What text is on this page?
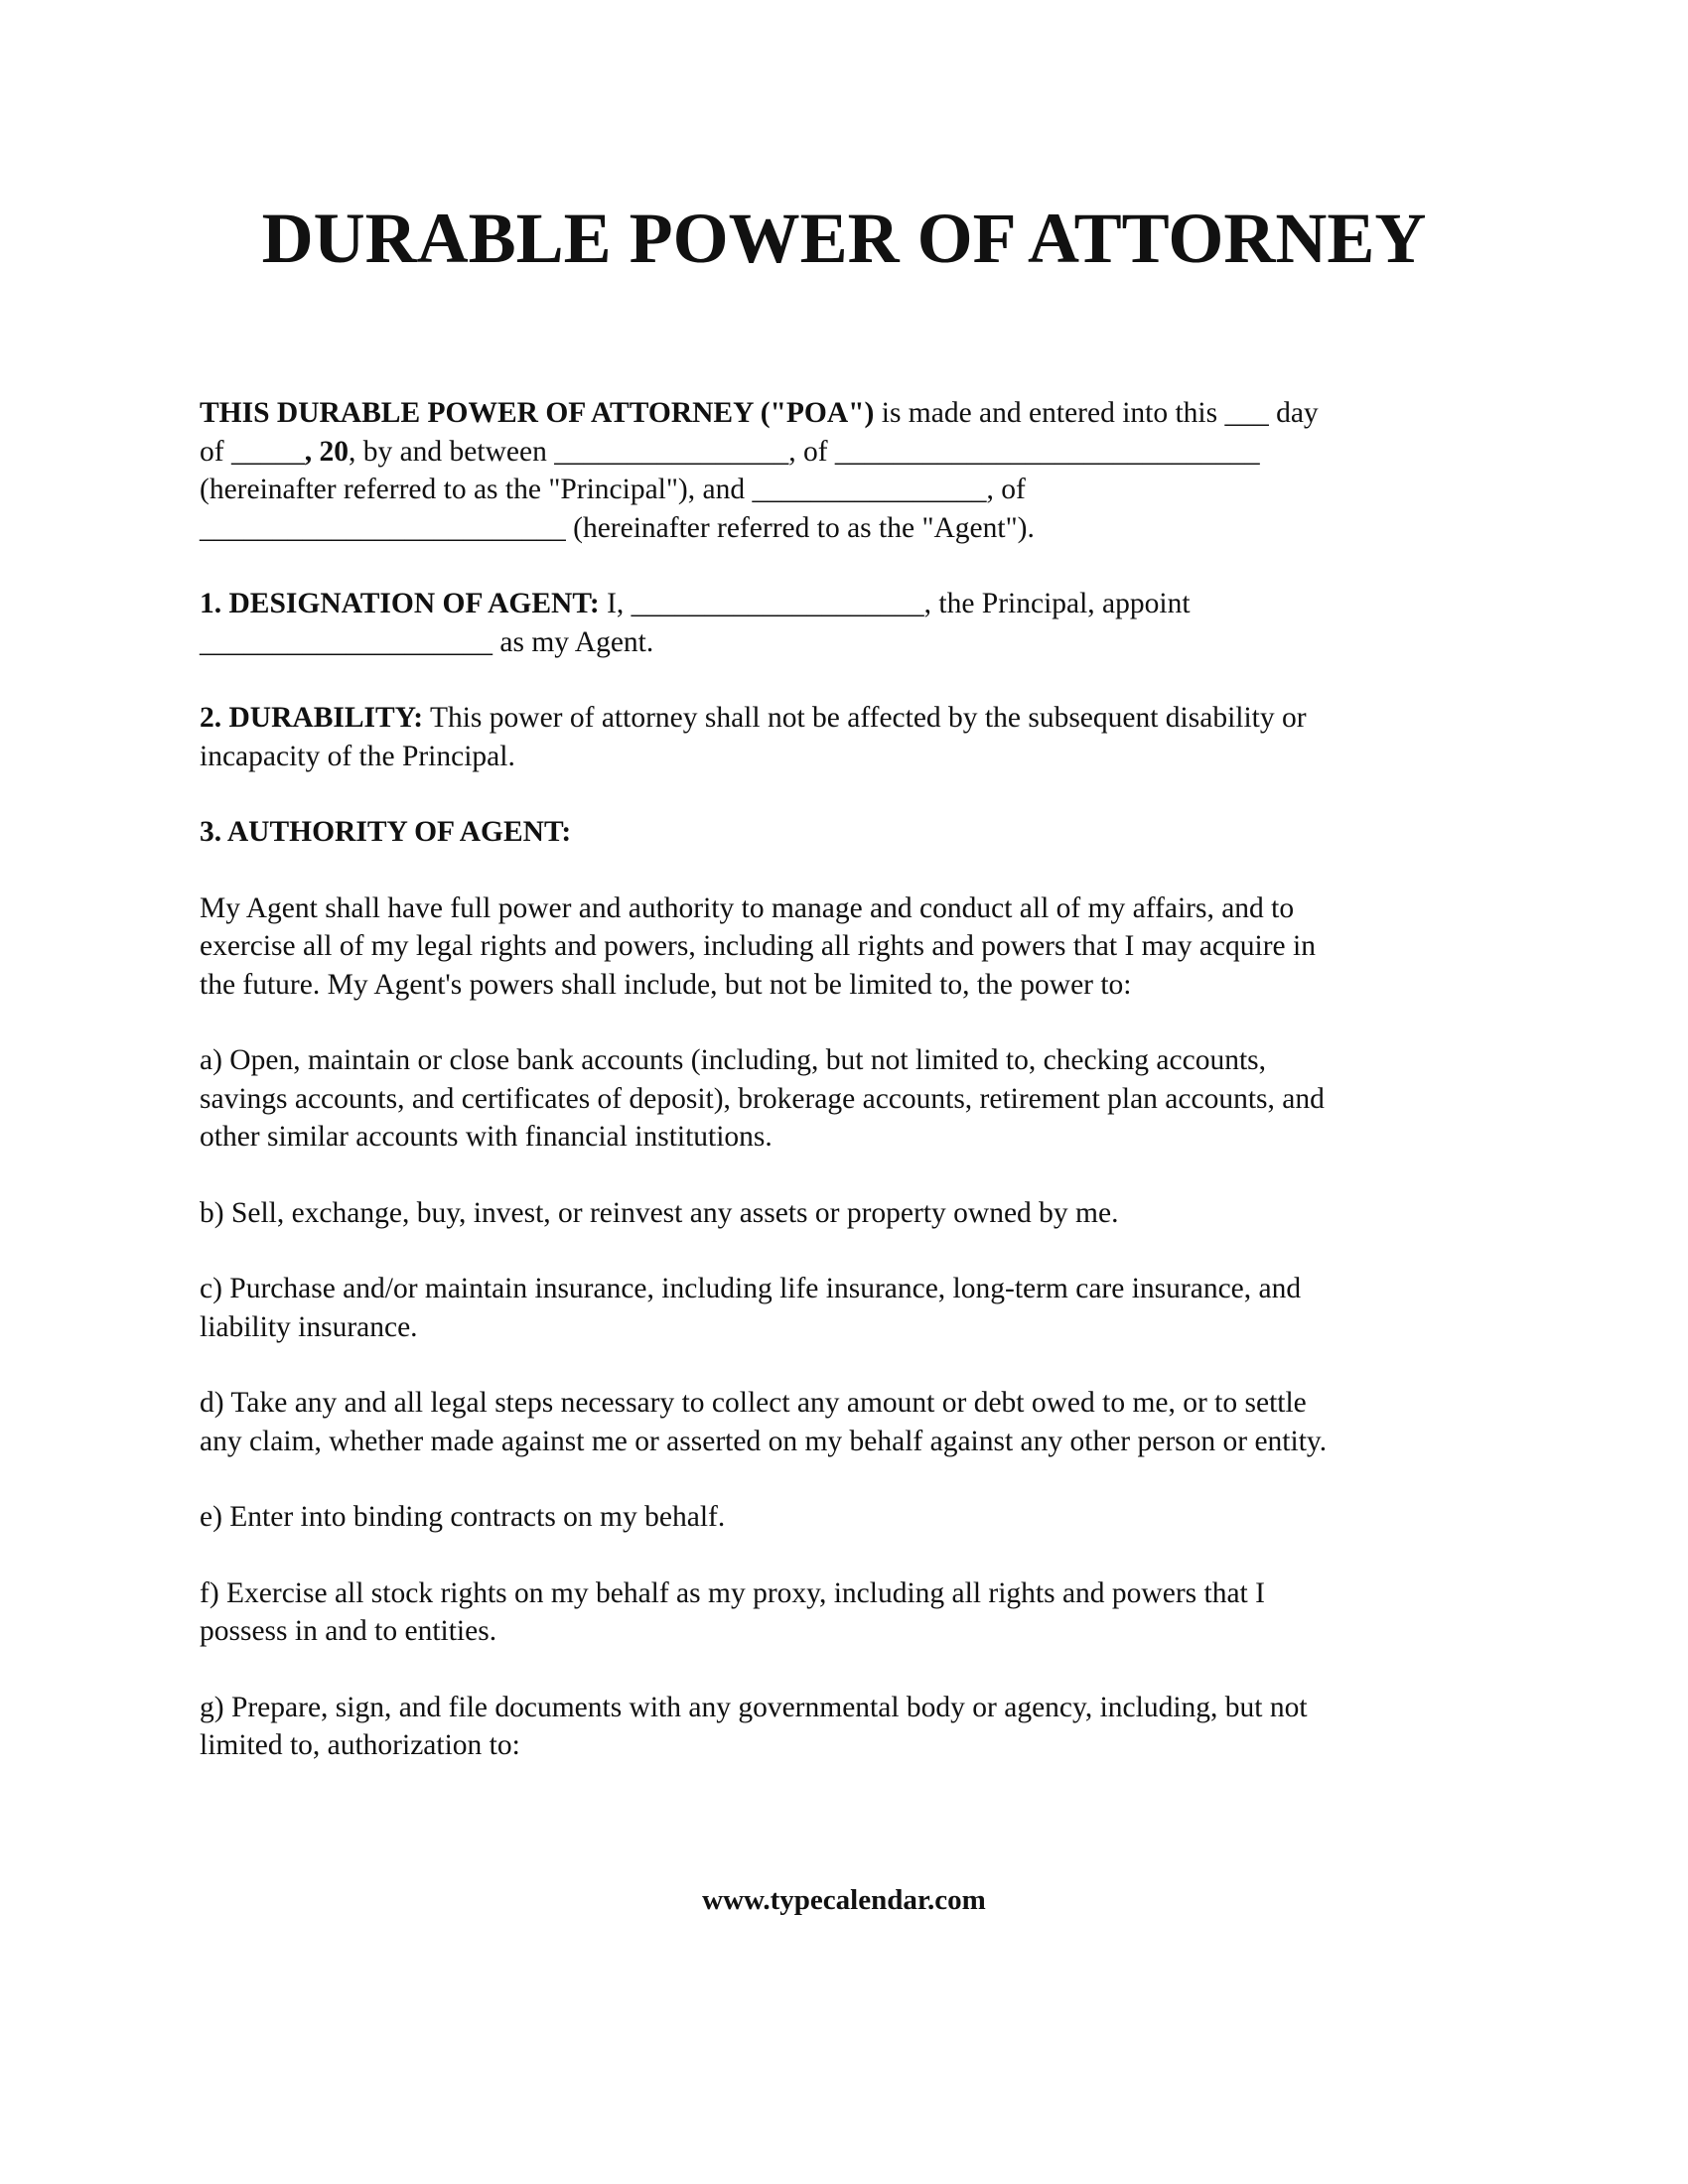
DURABLE POWER OF ATTORNEY

THIS DURABLE POWER OF ATTORNEY ("POA") is made and entered into this ___ day
of _____, 20, by and between ________________, of _____________________________
(hereinafter referred to as the "Principal"), and ________________, of
_________________________ (hereinafter referred to as the "Agent").

1. DESIGNATION OF AGENT: I, ____________________, the Principal, appoint
____________________ as my Agent.

2. DURABILITY: This power of attorney shall not be affected by the subsequent disability or
incapacity of the Principal.

3. AUTHORITY OF AGENT:

My Agent shall have full power and authority to manage and conduct all of my affairs, and to
exercise all of my legal rights and powers, including all rights and powers that I may acquire in
the future. My Agent's powers shall include, but not be limited to, the power to:

a) Open, maintain or close bank accounts (including, but not limited to, checking accounts,
savings accounts, and certificates of deposit), brokerage accounts, retirement plan accounts, and
other similar accounts with financial institutions.

b) Sell, exchange, buy, invest, or reinvest any assets or property owned by me.

c) Purchase and/or maintain insurance, including life insurance, long-term care insurance, and
liability insurance.

d) Take any and all legal steps necessary to collect any amount or debt owed to me, or to settle
any claim, whether made against me or asserted on my behalf against any other person or entity.

e) Enter into binding contracts on my behalf.

f) Exercise all stock rights on my behalf as my proxy, including all rights and powers that I
possess in and to entities.

g) Prepare, sign, and file documents with any governmental body or agency, including, but not
limited to, authorization to:

www.typecalendar.com
